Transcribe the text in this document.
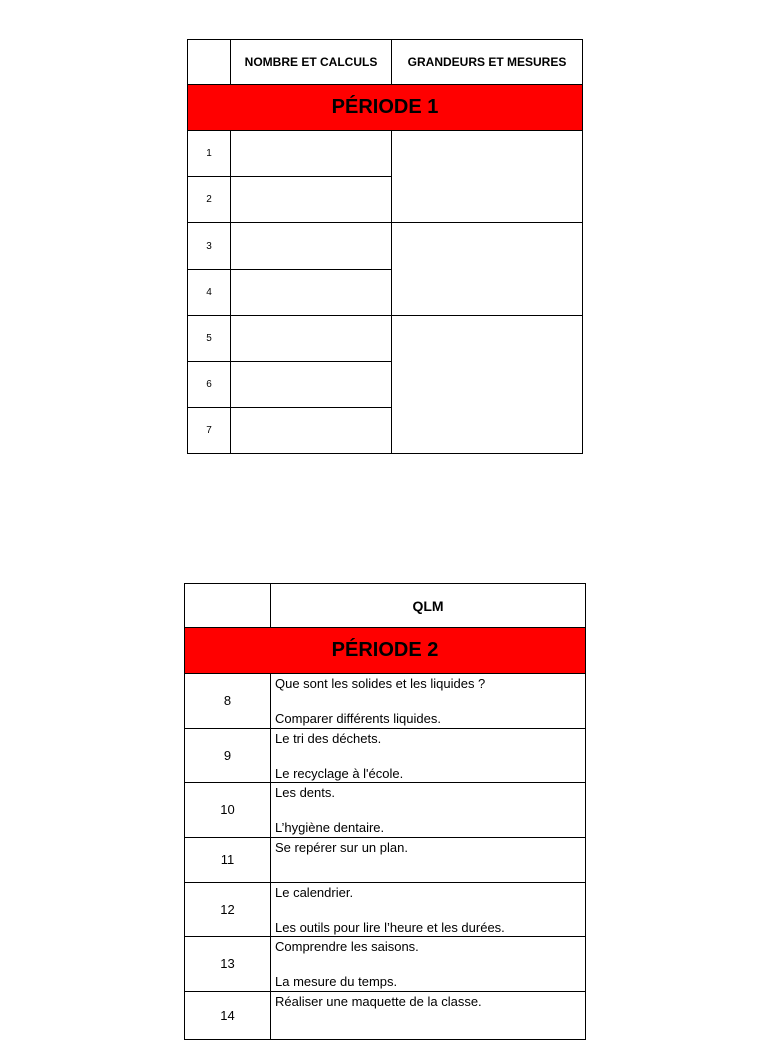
	NOMBRE ET CALCULS	GRANDEURS ET MESURES
PÉRIODE 1		
1		
2		
3		
4		
5		
6		
7		
	QLM
PÉRIODE 2	
8	Que sont les solides et les liquides ?
Comparer différents liquides.

9	Le tri des déchets.
Le recyclage à l'école.

10	Les dents.
L’hygiène dentaire.

11	Se repérer sur un plan.

12	Le calendrier.
Les outils pour lire l’heure et les durées.

13	Comprendre les saisons.
La mesure du temps.

14	Réaliser une maquette de la classe.
